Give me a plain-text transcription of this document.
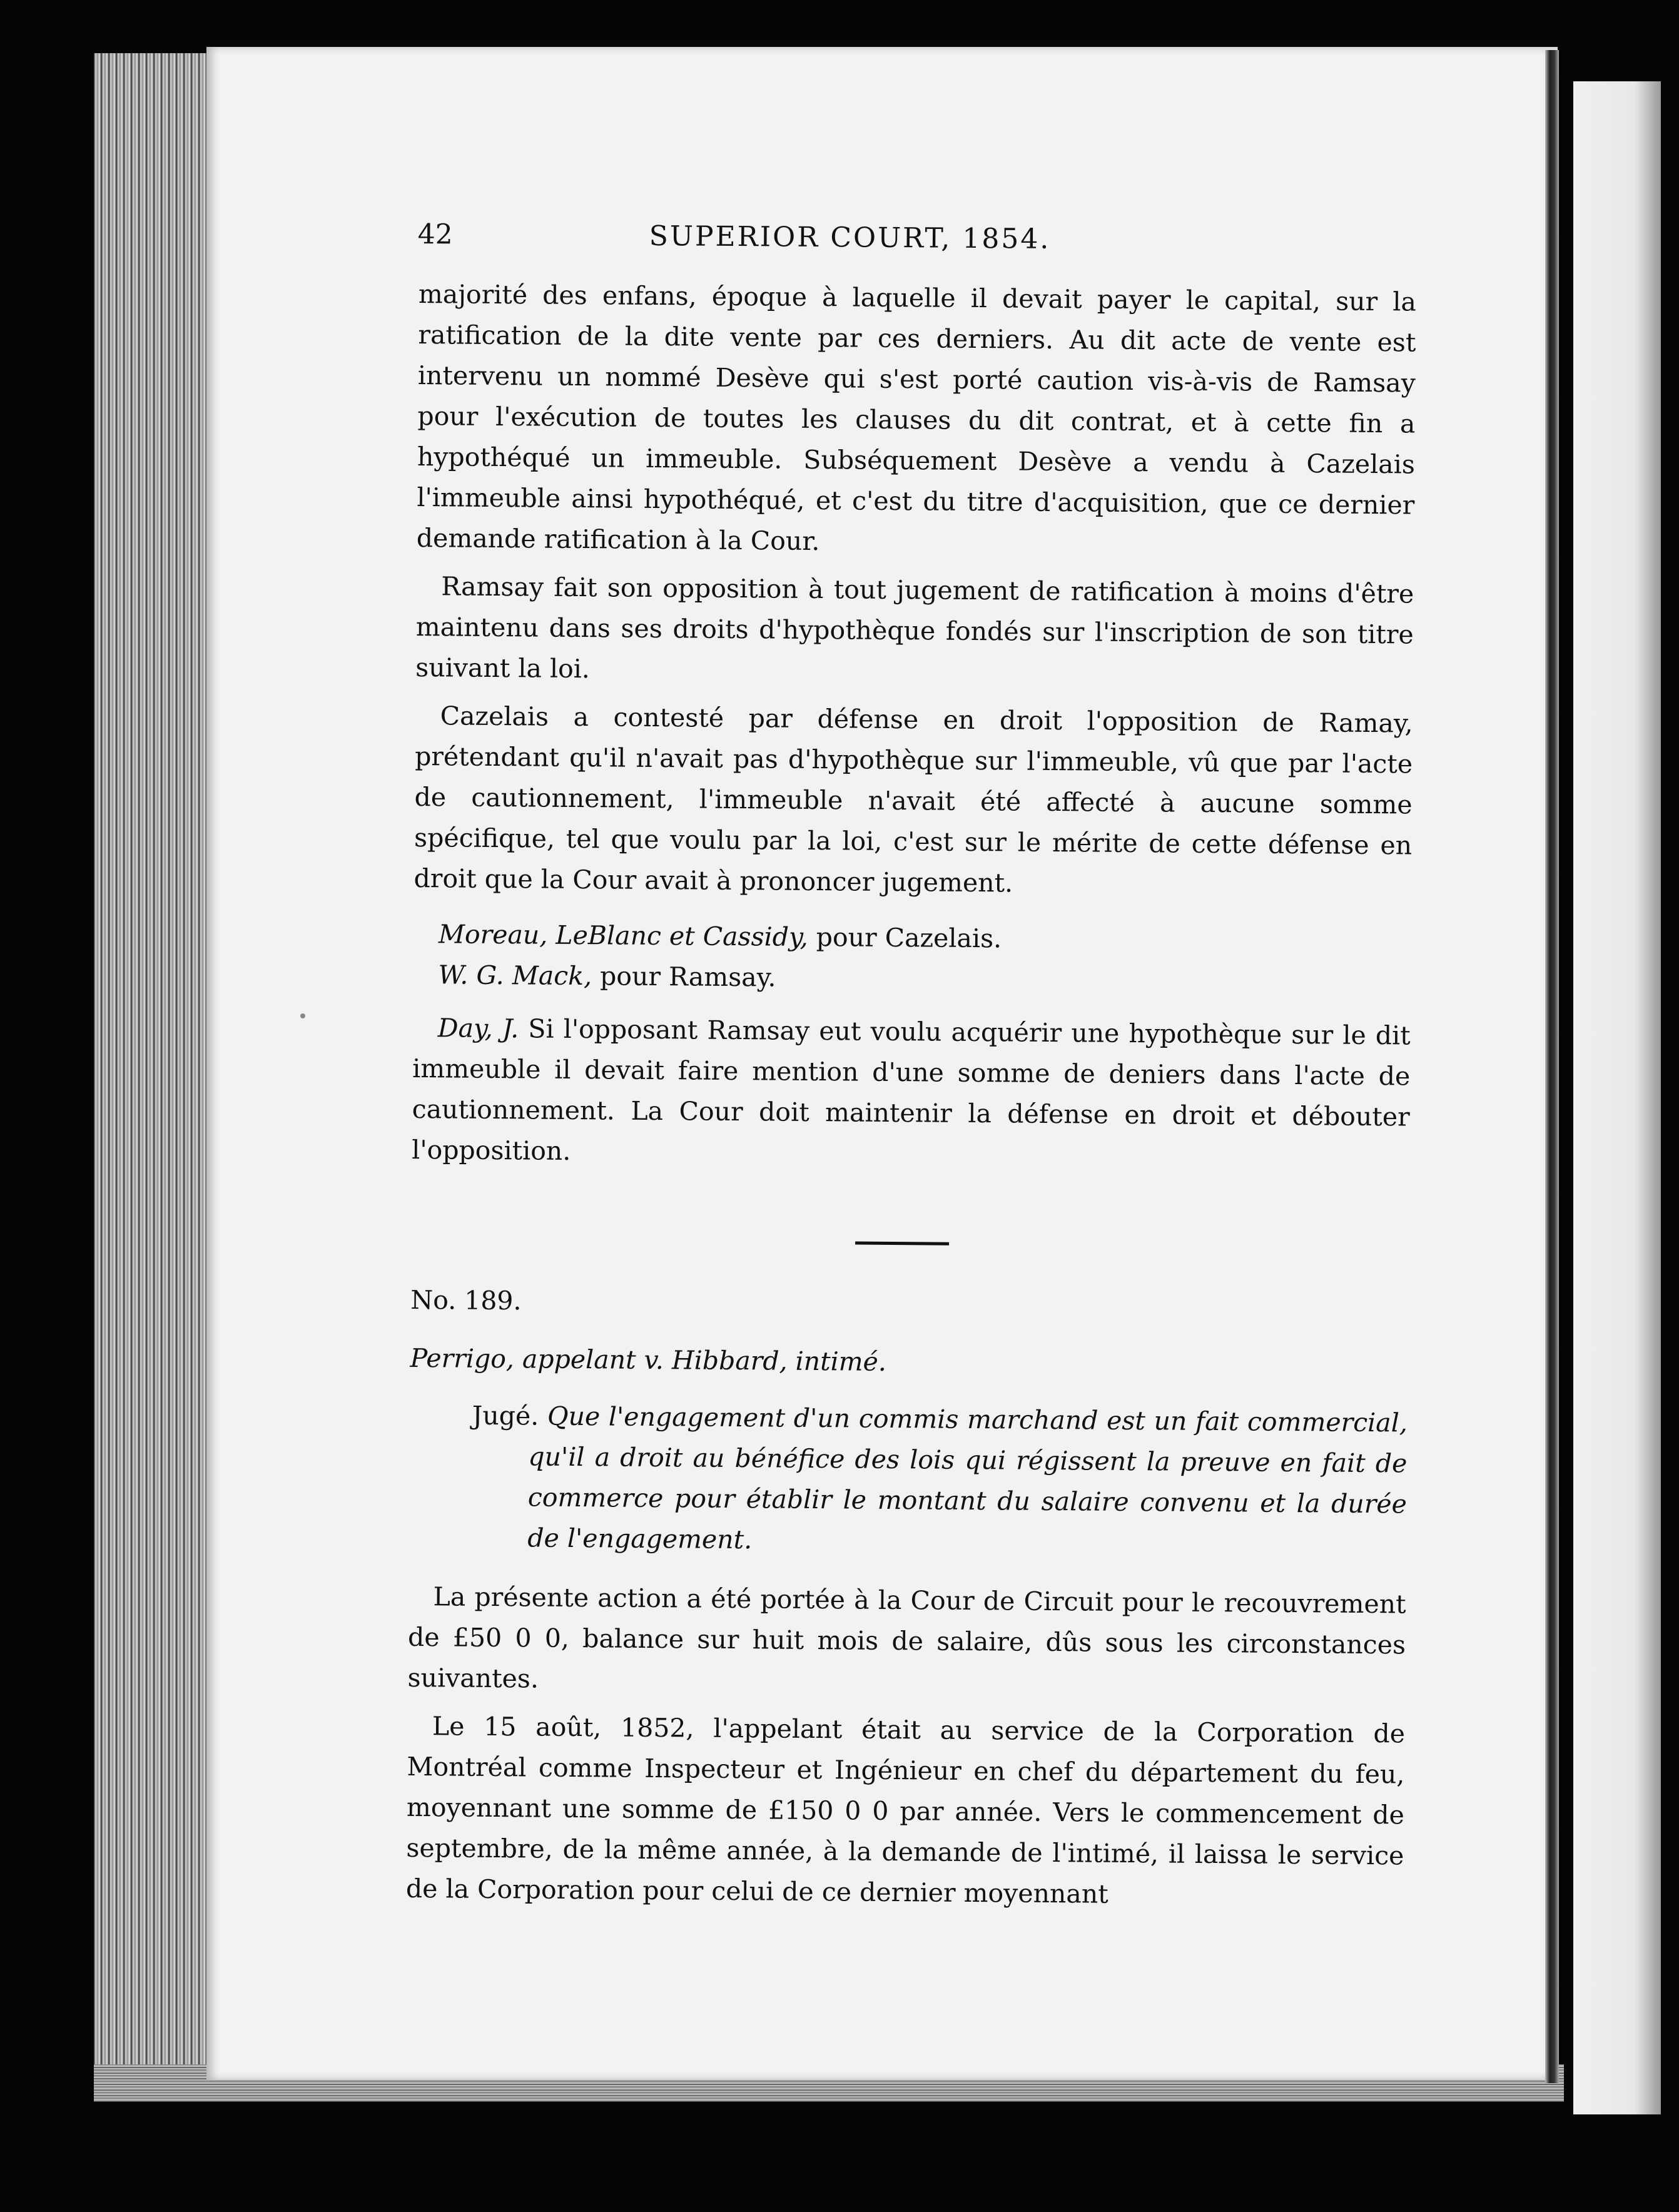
42	SUPERIOR COURT, 1854.

majorité des enfans, époque à laquelle il devait payer le capital, sur la ratification de la dite vente par ces derniers. Au dit acte de vente est intervenu un nommé Desève qui s'est porté caution vis-à-vis de Ramsay pour l'exécution de toutes les clauses du dit contrat, et à cette fin a hypothéqué un immeuble. Subséquement Desève a vendu à Cazelais l'immeuble ainsi hypothéqué, et c'est du titre d'acquisition, que ce dernier demande ratification à la Cour.

Ramsay fait son opposition à tout jugement de ratification à moins d'être maintenu dans ses droits d'hypothèque fondés sur l'inscription de son titre suivant la loi.

Cazelais a contesté par défense en droit l'opposition de Ramay, prétendant qu'il n'avait pas d'hypothèque sur l'immeuble, vû que par l'acte de cautionnement, l'immeuble n'avait été affecté à aucune somme spécifique, tel que voulu par la loi, c'est sur le mérite de cette défense en droit que la Cour avait à prononcer jugement.

Moreau, LeBlanc et Cassidy, pour Cazelais.

W. G. Mack, pour Ramsay.

Day, J. Si l'opposant Ramsay eut voulu acquérir une hypothèque sur le dit immeuble il devait faire mention d'une somme de deniers dans l'acte de cautionnement. La Cour doit maintenir la défense en droit et débouter l'opposition.

No. 189.

Perrigo, appelant v. Hibbard, intimé.

Jugé. Que l'engagement d'un commis marchand est un fait commercial, qu'il a droit au bénéfice des lois qui régissent la preuve en fait de commerce pour établir le montant du salaire convenu et la durée de l'engagement.

La présente action a été portée à la Cour de Circuit pour le recouvrement de £50 0 0, balance sur huit mois de salaire, dûs sous les circonstances suivantes.

Le 15 août, 1852, l'appelant était au service de la Corporation de Montréal comme Inspecteur et Ingénieur en chef du département du feu, moyennant une somme de £150 0 0 par année. Vers le commencement de septembre, de la même année, à la demande de l'intimé, il laissa le service de la Corporation pour celui de ce dernier moyennant
